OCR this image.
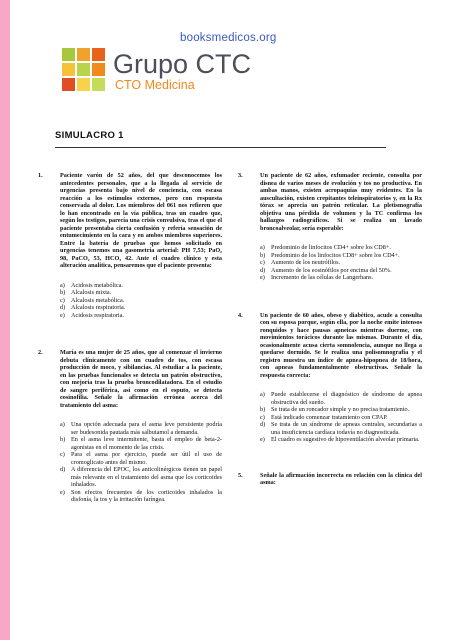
booksmedicos.org
Grupo CTC
CTO Medicina
SIMULACRO 1
1.	Paciente varón de 52 años, del que desconocemos los antecedentes personales, que a la llegada al servicio de urgencias presenta bajo nivel de conciencia, con escasa reacción a los estímulos externos, pero con respuesta conservada al dolor. Los miembros del 061 nos refieren que lo han encontrado en la vía pública, tras un cuadro que, según los testigos, parecía una crisis convulsiva, tras el que el paciente presentaba cierta confusión y refería sensación de entumecimiento en la cara y en ambos miembros superiores. Entre la batería de pruebas que hemos solicitado en urgencias tenemos una gasometría arterial: PH 7,53; PaO₂ 98, PaCO₂ 53, HCO₃ 42. Ante el cuadro clínico y esta alteración analítica, pensaremos que el paciente presenta:
a) Acidosis metabólica.
b) Alcalosis mixta.
c) Alcalosis metabólica.
d) Alcalosis respiratoria.
e) Acidosis respiratoria.
2.	María es una mujer de 25 años, que al comenzar el invierno debuta clínicamente con un cuadro de tos, con escasa producción de moco, y sibilancias. Al estudiar a la paciente, en las pruebas funcionales se detecta un patrón obstructivo, con mejoría tras la prueba broncodilatadora. En el estudio de sangre periférica, así como en el esputo, se detecta eosinofilia. Señale la afirmación errónea acerca del tratamiento del asma:
a) Una opción adecuada para el asma leve persistente podría ser budesonida pautada más salbutamol a demanda.
b) En el asma leve intermitente, basta el empleo de beta-2-agonistas en el momento de las crisis.
c) Para el asma por ejercicio, puede ser útil el uso de cromoglicato antes del mismo.
d) A diferencia del EPOC, los anticolinérgicos tienen un papel más relevante en el tratamiento del asma que los corticoides inhalados.
e) Son efectos frecuentes de los corticoides inhalados la disfonía, la tos y la irritación faríngea.
3.	Un paciente de 62 años, exfumador reciente, consulta por disnea de varios meses de evolución y tos no productiva. En ambas manos, existen acropaquias muy evidentes. En la auscultación, existen crepitantes teleinspiratorios y, en la Rx tórax se aprecia un patrón reticular. La pletismografía objetiva una pérdida de volumen y la TC confirma los hallazgos radiográficos. Si se realiza un lavado broncoalveolar, sería esperable:
a) Predominio de linfocitos CD4+ sobre los CD8+.
b) Predominio de los linfocitos CD8+ sobre los CD4+.
c) Aumento de los neutrófilos.
d) Aumento de los eosinófilos por encima del 50%.
e) Incremento de las células de Langerhans.
4.	Un paciente de 60 años, obeso y diabético, acude a consulta con su esposa porque, según ella, por la noche emite intensos ronquidos y hace pausas apneicas mientras duerme, con movimientos torácicos durante las mismas. Durante el día, ocasionalmente acusa cierta somnolencia, aunque no llega a quedarse dormido. Se le realiza una polisomnografía y el registro muestra un índice de apnea-hipopnea de 18/hora, con apneas fundamentalmente obstructivas. Señale la respuesta correcta:
a) Puede establecerse el diagnóstico de síndrome de apnea obstructiva del sueño.
b) Se trata de un roncador simple y no precisa tratamiento.
c) Está indicado comenzar tratamiento con CPAP.
d) Se trata de un síndrome de apneas centrales, secundarias a una insuficiencia cardíaca todavía no diagnosticada.
e) El cuadro es sugestivo de hipoventilación alveolar primaria.
5.	Señale la afirmación incorrecta en relación con la clínica del asma:
